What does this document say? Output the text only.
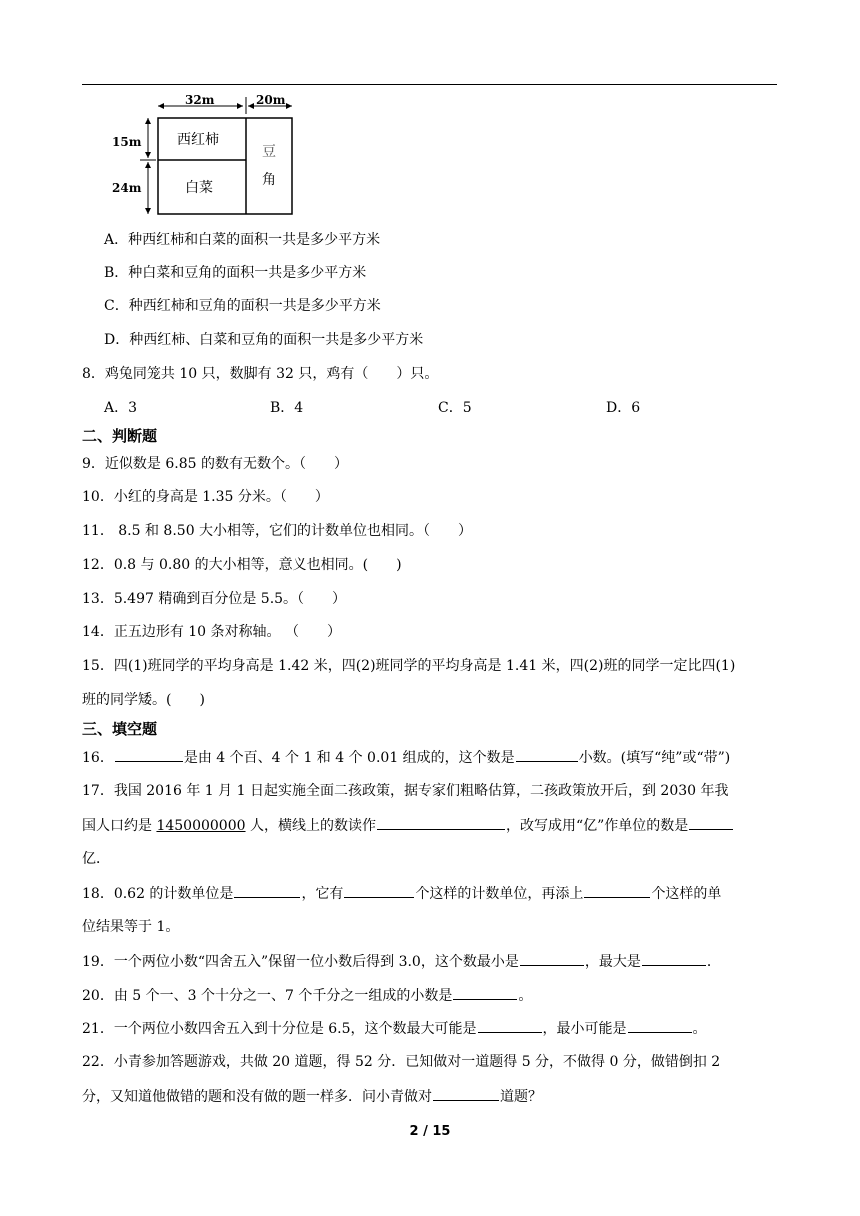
32m	20m
15m
24m
西红柿
白菜
豆
角
A．种西红柿和白菜的面积一共是多少平方米
B．种白菜和豆角的面积一共是多少平方米
C．种西红柿和豆角的面积一共是多少平方米
D．种西红柿、白菜和豆角的面积一共是多少平方米
8．鸡兔同笼共 10 只，数脚有 32 只，鸡有（　　）只。
A．3	B．4	C．5	D．6
二、判断题
9．近似数是 6.85 的数有无数个。（　　）
10．小红的身高是 1.35 分米。（　　）
11． 8.5 和 8.50 大小相等，它们的计数单位也相同。（　　）
12．0.8 与 0.80 的大小相等，意义也相同。(　　)
13．5.497 精确到百分位是 5.5。（　　）
14．正五边形有 10 条对称轴。 （　　）
15．四(1)班同学的平均身高是 1.42 米，四(2)班同学的平均身高是 1.41 米，四(2)班的同学一定比四(1)
班的同学矮。(　　)
三、填空题
16．	是由 4 个百、4 个 1 和 4 个 0.01 组成的，这个数是	小数。(填写“纯”或“带”)
17．我国 2016 年 1 月 1 日起实施全面二孩政策，据专家们粗略估算，二孩政策放开后，到 2030 年我
国人口约是 1450000000 人，横线上的数读作	，改写成用“亿”作单位的数是
亿．
18．0.62 的计数单位是	，它有	个这样的计数单位，再添上	个这样的单
位结果等于 1。
19．一个两位小数“四舍五入”保留一位小数后得到 3.0，这个数最小是	，最大是	．
20．由 5 个一、3 个十分之一、7 个千分之一组成的小数是	。
21．一个两位小数四舍五入到十分位是 6.5，这个数最大可能是	，最小可能是	。
22．小青参加答题游戏，共做 20 道题，得 52 分．已知做对一道题得 5 分，不做得 0 分，做错倒扣 2
分，又知道他做错的题和没有做的题一样多．问小青做对	道题？
2 / 15
